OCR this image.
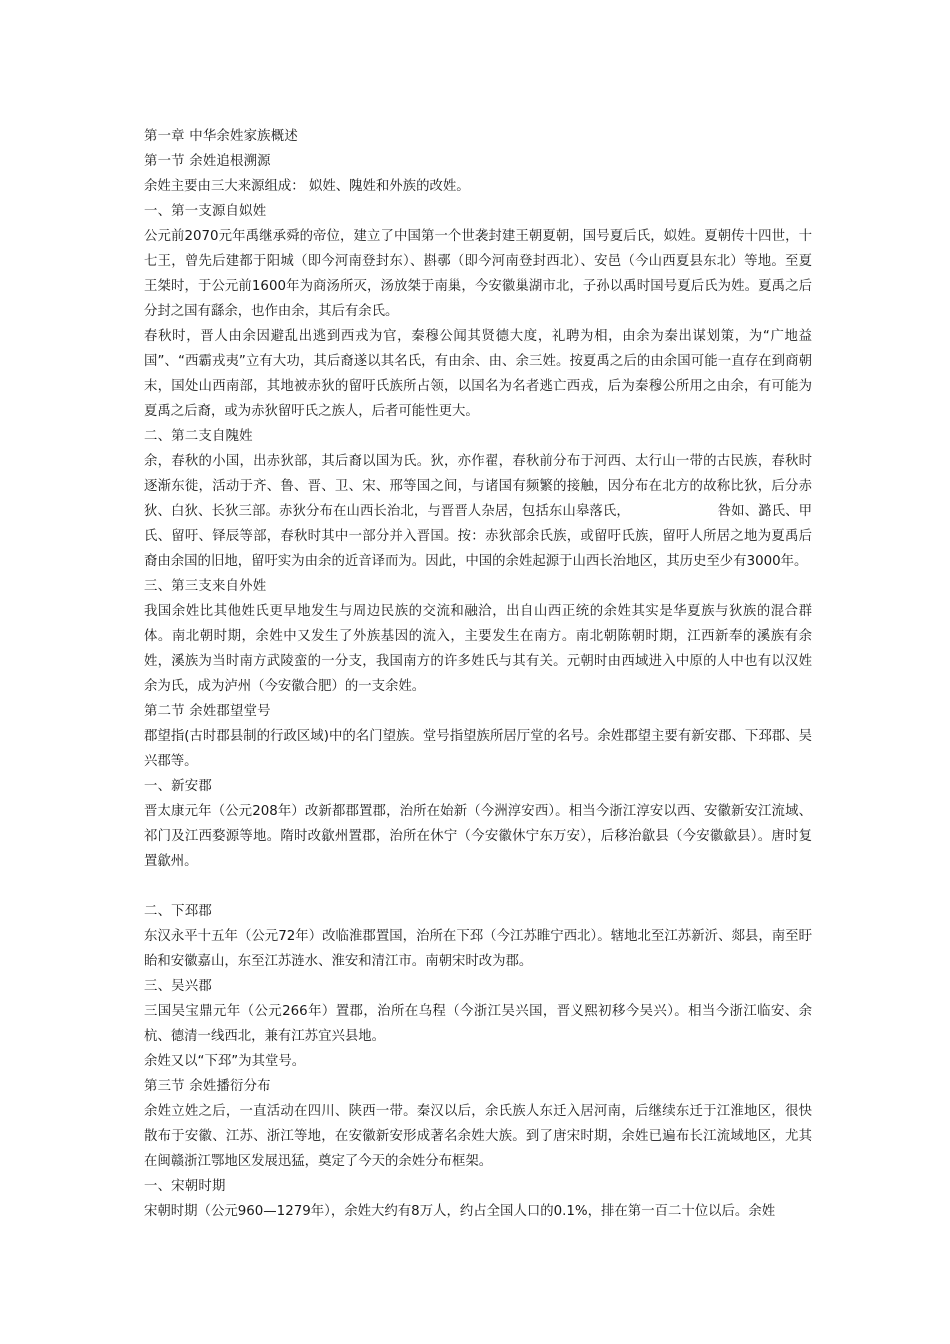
第一章 中华余姓家族概述

第一节 余姓追根溯源

余姓主要由三大来源组成： 姒姓、隗姓和外族的改姓。

一、第一支源自姒姓

公元前2070元年禹继承舜的帝位，建立了中国第一个世袭封建王朝夏朝，国号夏后氏，姒姓。夏朝传十四世，十七王，曾先后建都于阳城（即今河南登封东）、斟鄩（即今河南登封西北）、安邑（今山西夏县东北）等地。至夏王桀时，于公元前1600年为商汤所灭，汤放桀于南巢，今安徽巢湖市北，子孙以禹时国号夏后氏为姓。夏禹之后分封之国有繇余，也作由余，其后有余氏。

春秋时，晋人由余因避乱出逃到西戎为官，秦穆公闻其贤德大度，礼聘为相，由余为秦出谋划策，为“广地益国”、“西霸戎夷”立有大功，其后裔遂以其名氏，有由余、由、余三姓。按夏禹之后的由余国可能一直存在到商朝末，国处山西南部，其地被赤狄的留吁氏族所占领，以国名为名者逃亡西戎，后为秦穆公所用之由余，有可能为夏禹之后裔，或为赤狄留吁氏之族人，后者可能性更大。

二、第二支自隗姓

余，春秋的小国，出赤狄部，其后裔以国为氏。狄，亦作翟，春秋前分布于河西、太行山一带的古民族，春秋时逐渐东徙，活动于齐、鲁、晋、卫、宋、邢等国之间，与诸国有频繁的接触，因分布在北方的故称比狄，后分赤狄、白狄、长狄三部。赤狄分布在山西长治北，与晋晋人杂居，包括东山皋落氏，　　　　　　　咎如、潞氏、甲氏、留吁、铎辰等部，春秋时其中一部分并入晋国。按：赤狄部余氏族，或留吁氏族，留吁人所居之地为夏禹后裔由余国的旧地，留吁实为由余的近音译而为。因此，中国的余姓起源于山西长治地区，其历史至少有3000年。

三、第三支来自外姓

我国余姓比其他姓氏更早地发生与周边民族的交流和融洽，出自山西正统的余姓其实是华夏族与狄族的混合群体。南北朝时期，余姓中又发生了外族基因的流入，主要发生在南方。南北朝陈朝时期，江西新奉的溪族有余姓，溪族为当时南方武陵蛮的一分支，我国南方的许多姓氏与其有关。元朝时由西域进入中原的人中也有以汉姓余为氏，成为泸州（今安徽合肥）的一支余姓。

第二节 余姓郡望堂号

郡望指(古时郡县制的行政区域)中的名门望族。堂号指望族所居厅堂的名号。余姓郡望主要有新安郡、下邳郡、吴兴郡等。

一、新安郡

晋太康元年（公元208年）改新都郡置郡，治所在始新（今洲淳安西）。相当今浙江淳安以西、安徽新安江流域、祁门及江西婺源等地。隋时改歙州置郡，治所在休宁（今安徽休宁东万安），后移治歙县（今安徽歙县）。唐时复置歙州。

二、下邳郡

东汉永平十五年（公元72年）改临淮郡置国，治所在下邳（今江苏睢宁西北）。辖地北至江苏新沂、郯县，南至盱眙和安徽嘉山，东至江苏涟水、淮安和清江市。南朝宋时改为郡。

三、吴兴郡

三国吴宝鼎元年（公元266年）置郡，治所在乌程（今浙江吴兴国，晋义熙初移今吴兴）。相当今浙江临安、余杭、德清一线西北，兼有江苏宜兴县地。

余姓又以“下邳”为其堂号。

第三节 余姓播衍分布

余姓立姓之后，一直活动在四川、陕西一带。秦汉以后，余氏族人东迁入居河南，后继续东迁于江淮地区，很快散布于安徽、江苏、浙江等地，在安徽新安形成著名余姓大族。到了唐宋时期，余姓已遍布长江流域地区，尤其在闽赣浙江鄂地区发展迅猛，奠定了今天的余姓分布框架。

一、宋朝时期

宋朝时期（公元960—1279年），余姓大约有8万人，约占全国人口的0.1%，排在第一百二十位以后。余姓
